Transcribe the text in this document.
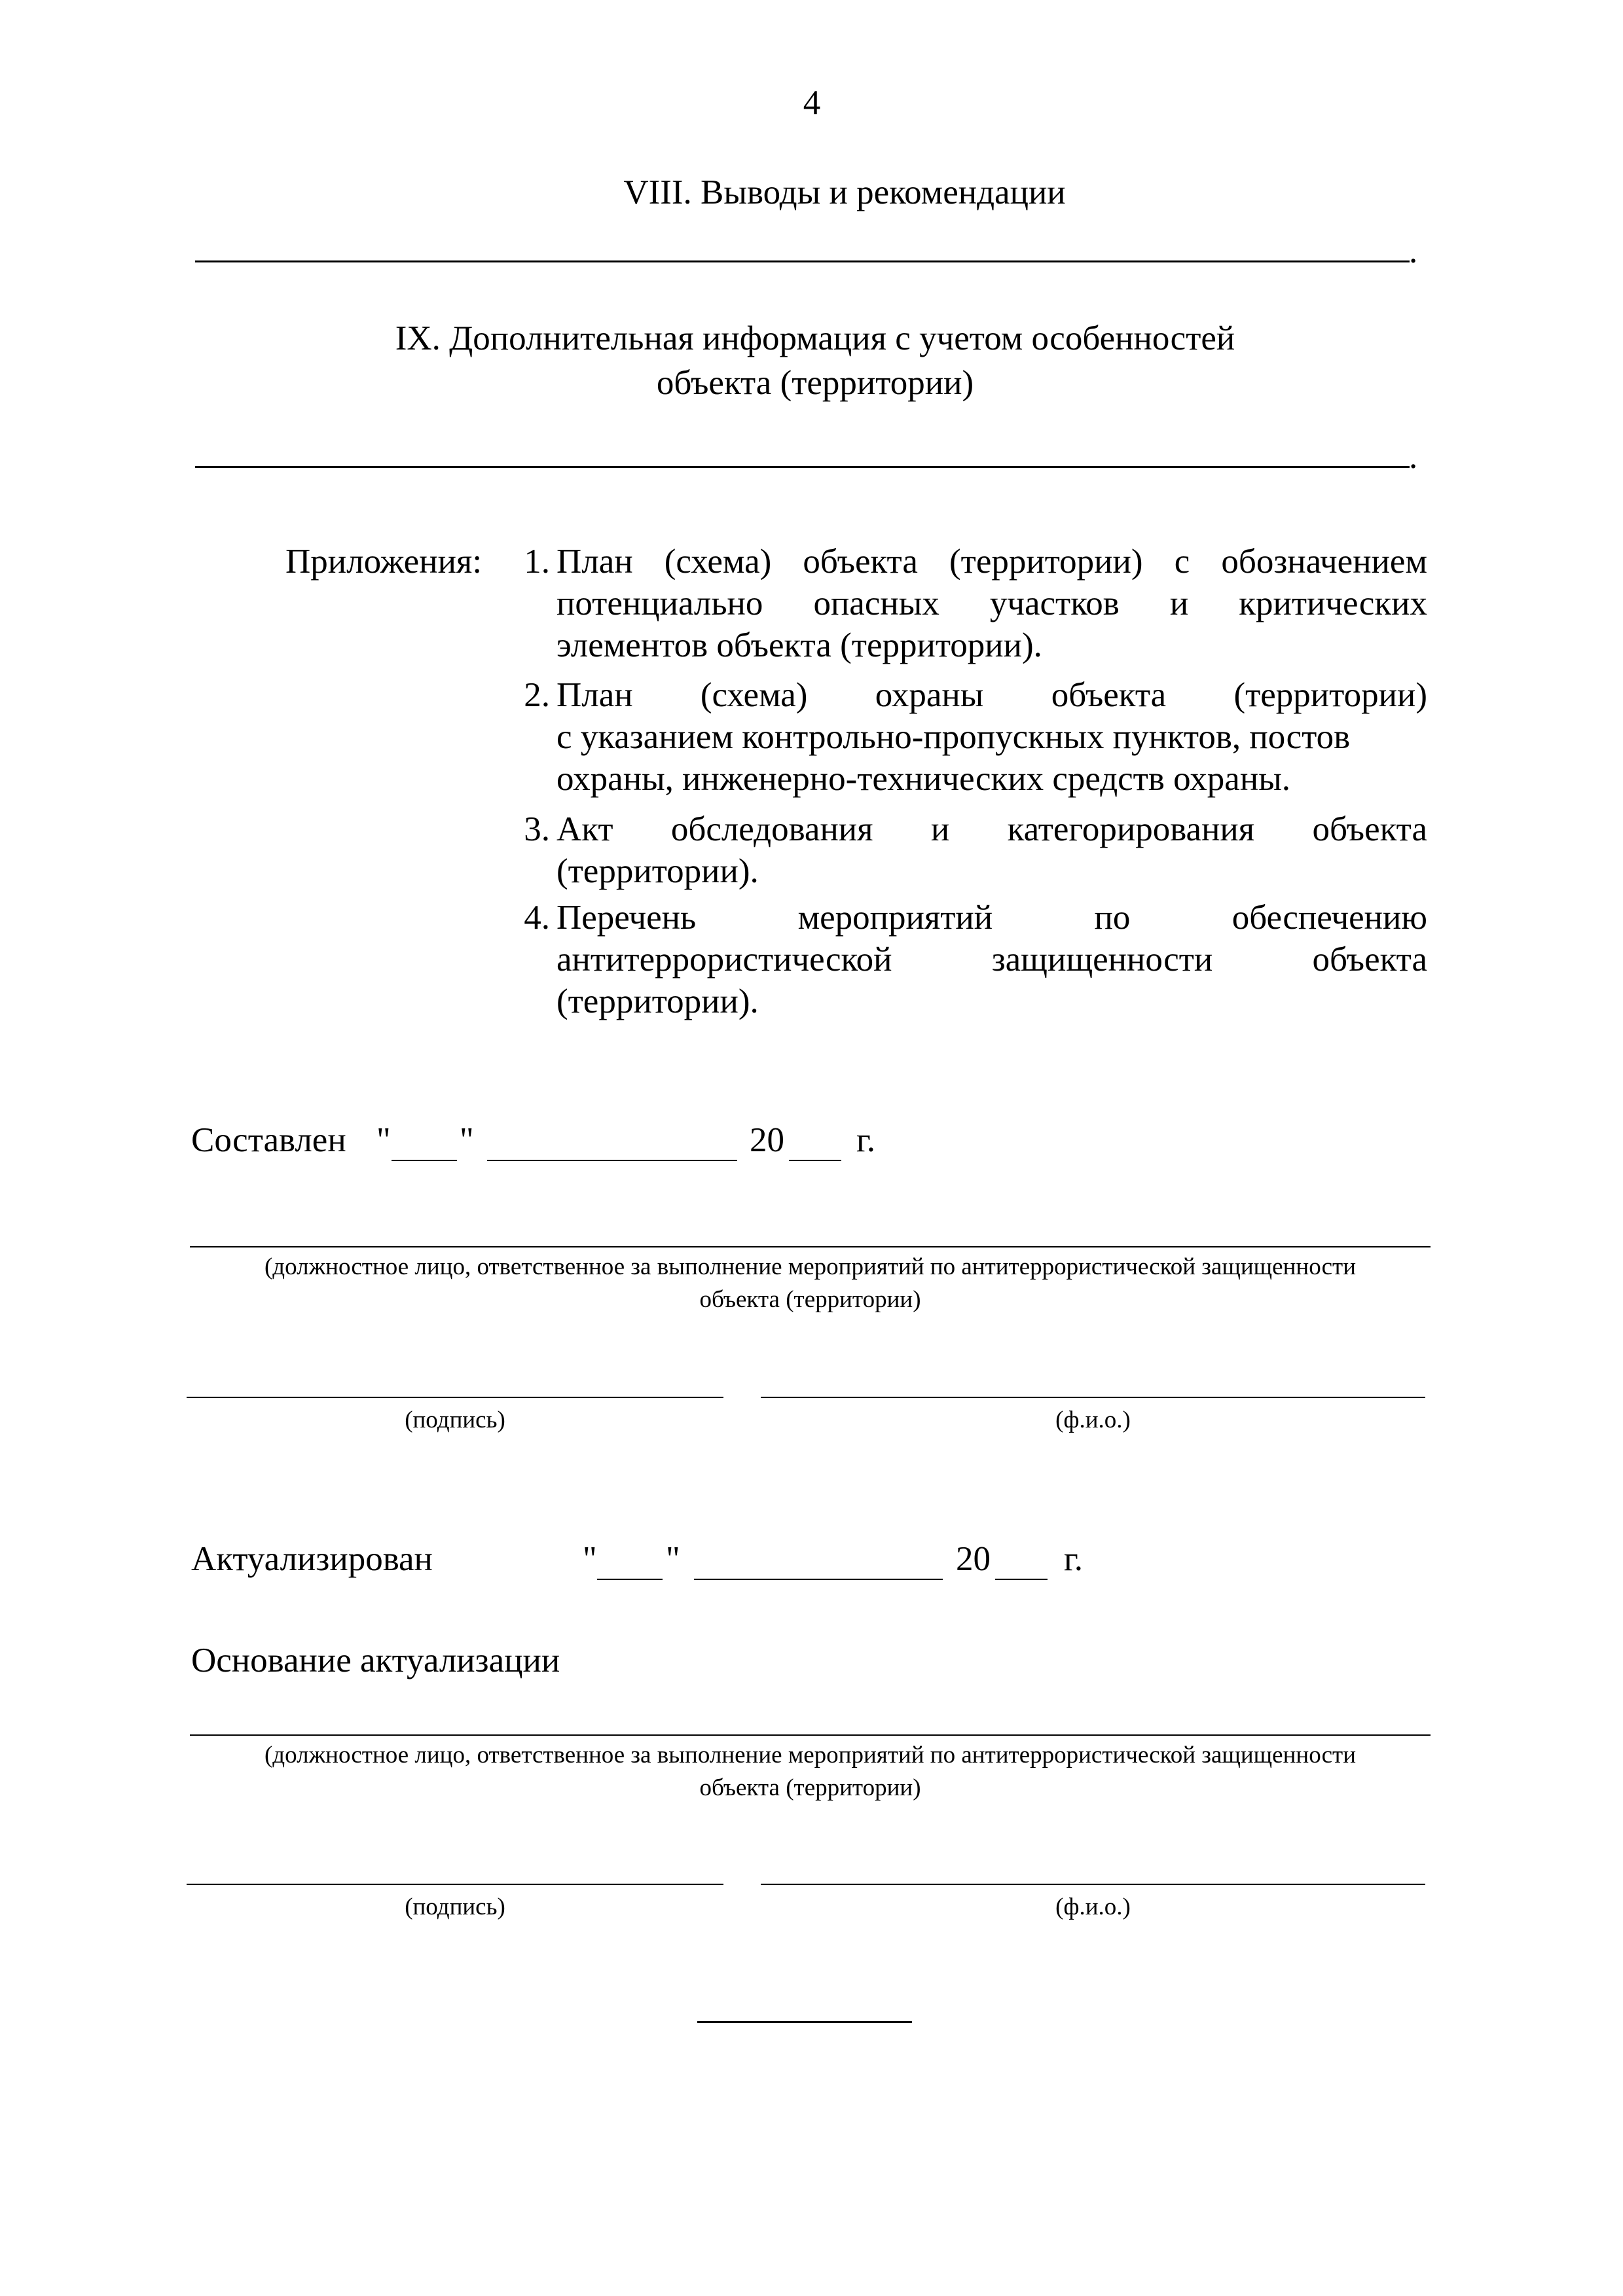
4
VIII. Выводы и рекомендации
.
IX. Дополнительная информация с учетом особенностей
объекта (территории)
.
Приложения:	1. План (схема) объекта (территории) с обозначением
потенциально опасных участков и критических
элементов объекта (территории).
2. План (схема) охраны объекта (территории)
с указанием контрольно-пропускных пунктов, постов
охраны, инженерно-технических средств охраны.
3. Акт обследования и категорирования объекта
(территории).
4. Перечень мероприятий по обеспечению
антитеррористической защищенности объекта
(территории).
Составлен " "	20 г.
(должностное лицо, ответственное за выполнение мероприятий по антитеррористической защищенности
объекта (территории)
(подпись)	(ф.и.о.)
Актуализирован	" "	20 г.
Основание актуализации
(должностное лицо, ответственное за выполнение мероприятий по антитеррористической защищенности
объекта (территории)
(подпись)	(ф.и.о.)
